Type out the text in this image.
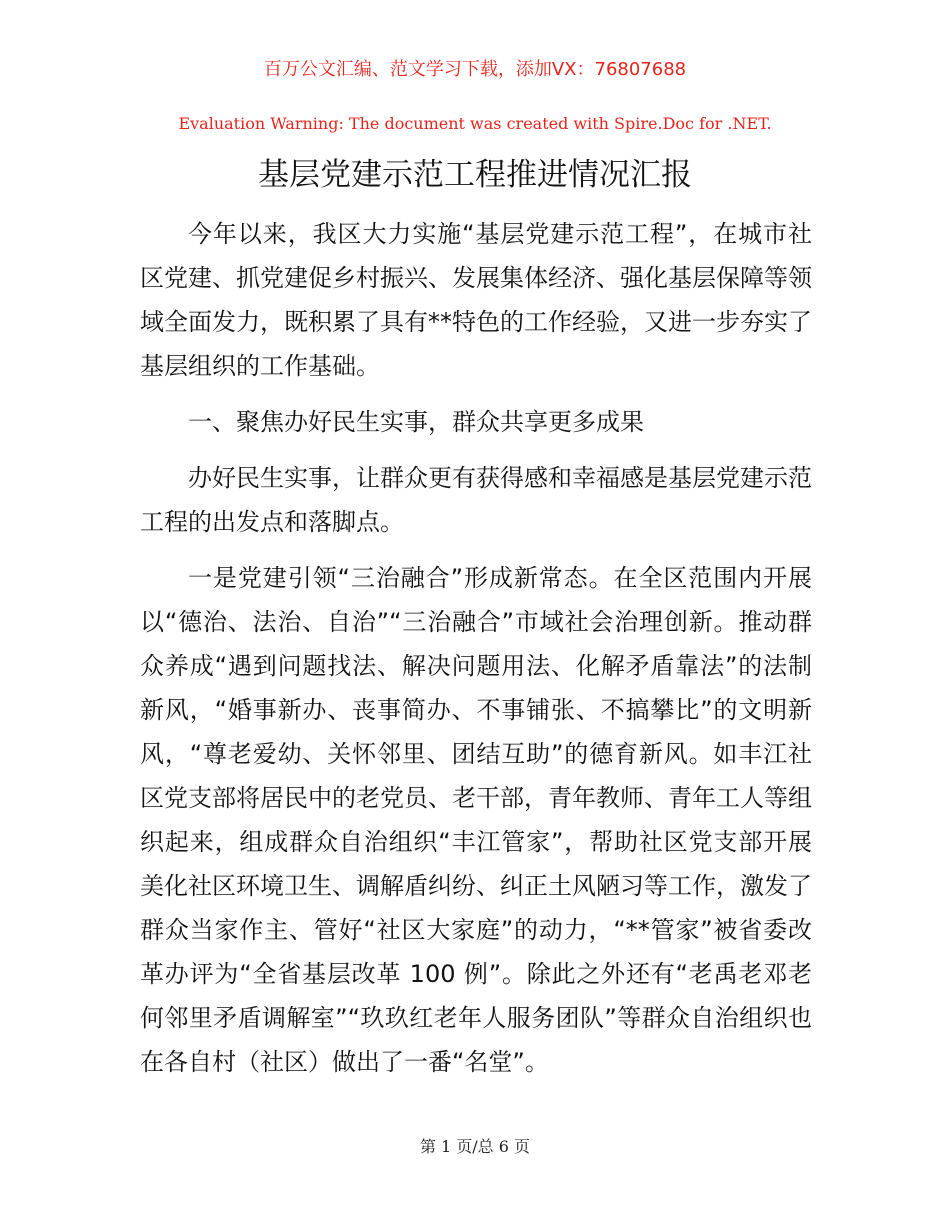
百万公文汇编、范文学习下载，添加VX：76807688
Evaluation Warning: The document was created with Spire.Doc for .NET.
基层党建示范工程推进情况汇报

今年以来，我区大力实施“基层党建示范工程”，在城市社区党建、抓党建促乡村振兴、发展集体经济、强化基层保障等领域全面发力，既积累了具有**特色的工作经验，又进一步夯实了基层组织的工作基础。

一、聚焦办好民生实事，群众共享更多成果

办好民生实事，让群众更有获得感和幸福感是基层党建示范工程的出发点和落脚点。

一是党建引领“三治融合”形成新常态。在全区范围内开展以“德治、法治、自治”“三治融合”市域社会治理创新。推动群众养成“遇到问题找法、解决问题用法、化解矛盾靠法”的法制新风，“婚事新办、丧事简办、不事铺张、不搞攀比”的文明新风，“尊老爱幼、关怀邻里、团结互助”的德育新风。如丰江社区党支部将居民中的老党员、老干部，青年教师、青年工人等组织起来，组成群众自治组织“丰江管家”，帮助社区党支部开展美化社区环境卫生、调解盾纠纷、纠正土风陋习等工作，激发了群众当家作主、管好“社区大家庭”的动力，“**管家”被省委改革办评为“全省基层改革 100 例”。除此之外还有“老禹老邓老何邻里矛盾调解室”“玖玖红老年人服务团队”等群众自治组织也在各自村（社区）做出了一番“名堂”。

第 1 页/总 6 页
